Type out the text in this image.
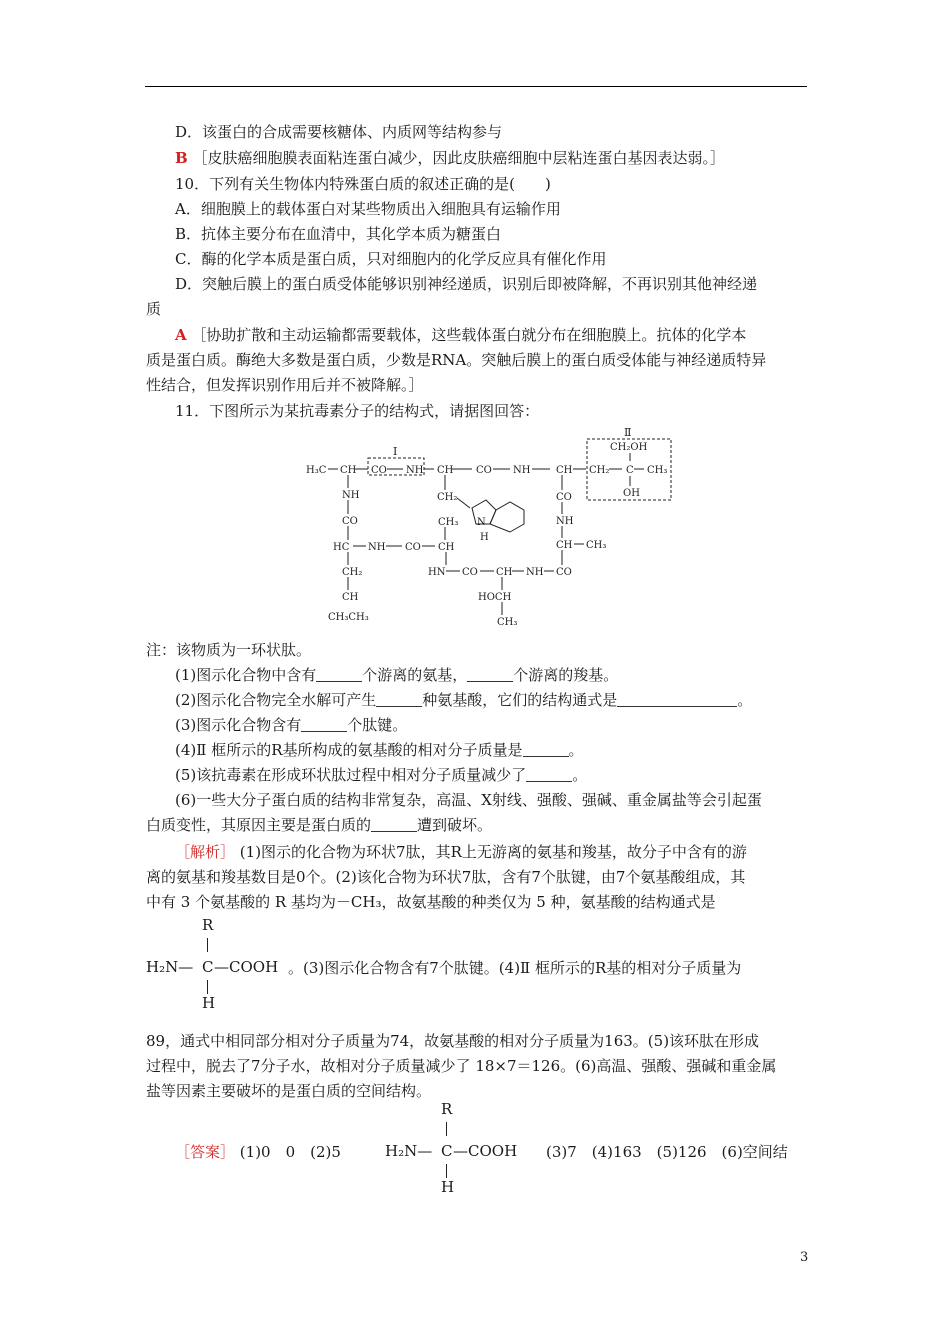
D．该蛋白的合成需要核糖体、内质网等结构参与
B ［皮肤癌细胞膜表面粘连蛋白减少，因此皮肤癌细胞中层粘连蛋白基因表达弱。］
10．下列有关生物体内特殊蛋白质的叙述正确的是(　　)
A．细胞膜上的载体蛋白对某些物质出入细胞具有运输作用
B．抗体主要分布在血清中，其化学本质为糖蛋白
C．酶的化学本质是蛋白质，只对细胞内的化学反应具有催化作用
D．突触后膜上的蛋白质受体能够识别神经递质，识别后即被降解，不再识别其他神经递
质
A ［协助扩散和主动运输都需要载体，这些载体蛋白就分布在细胞膜上。抗体的化学本
质是蛋白质。酶绝大多数是蛋白质，少数是RNA。突触后膜上的蛋白质受体能与神经递质特异
性结合，但发挥识别作用后并不被降解。］
11．下图所示为某抗毒素分子的结构式，请据图回答：
Ⅰ
Ⅱ
CH₂OH
H₃C CH CO NH CH CO NH	CH CH₂ C CH₃
OH
NH
CO
HC NH CO CH
CH₂
CH
CH₃CH₃
CH₂
N
H
CH₃
CO
NH
CH CH₃
HN CO CH NH CO
HOCH
CH₃
注：该物质为一环状肽。
(1)图示化合物中含有	个游离的氨基，	个游离的羧基。
(2)图示化合物完全水解可产生	种氨基酸，它们的结构通式是	。
(3)图示化合物含有	个肽键。
(4)Ⅱ 框所示的R基所构成的氨基酸的相对分子质量是	。
(5)该抗毒素在形成环状肽过程中相对分子质量减少了	。
(6)一些大分子蛋白质的结构非常复杂，高温、X射线、强酸、强碱、重金属盐等会引起蛋
白质变性，其原因主要是蛋白质的	遭到破坏。
［解析］ (1)图示的化合物为环状7肽，其R上无游离的氨基和羧基，故分子中含有的游
离的氨基和羧基数目是0个。(2)该化合物为环状7肽，含有7个肽键，由7个氨基酸组成，其
中有 3 个氨基酸的 R 基均为－CH₃，故氨基酸的种类仅为 5 种，氨基酸的结构通式是
R
H₂N— C —COOH
H
。(3)图示化合物含有7个肽键。(4)Ⅱ 框所示的R基的相对分子质量为
89，通式中相同部分相对分子质量为74，故氨基酸的相对分子质量为163。(5)该环肽在形成
过程中，脱去了7分子水，故相对分子质量减少了 18×7＝126。(6)高温、强酸、强碱和重金属
盐等因素主要破坏的是蛋白质的空间结构。
［答案］ (1)0　0　(2)5
R
H₂N— C —COOH
H
(3)7　(4)163　(5)126　(6)空间结
3
